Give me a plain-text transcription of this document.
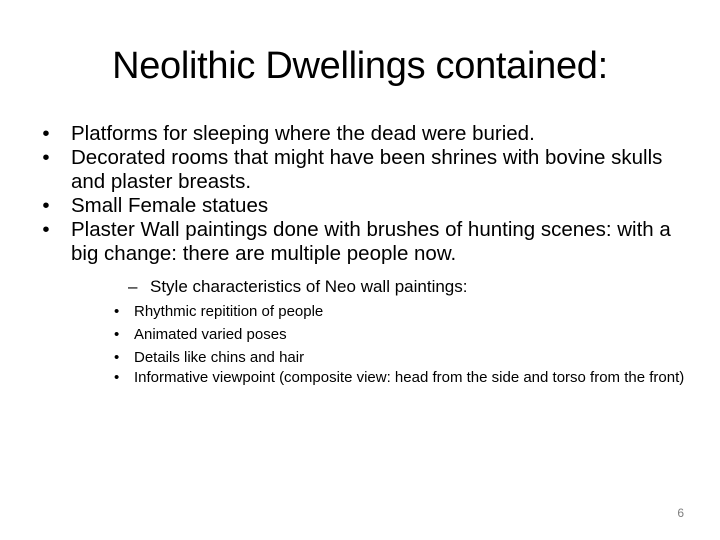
Neolithic Dwellings contained:
•	Platforms for sleeping where the dead were buried.
•	Decorated rooms that might have been shrines with bovine skulls and plaster breasts.
•	Small Female statues
•	Plaster Wall paintings done with brushes of hunting scenes: with a big change: there are multiple people now.
– Style characteristics of Neo wall paintings:
• Rhythmic repitition of people
• Animated varied poses
• Details like chins and hair
• Informative viewpoint (composite view: head from the side and torso from the front)
6
